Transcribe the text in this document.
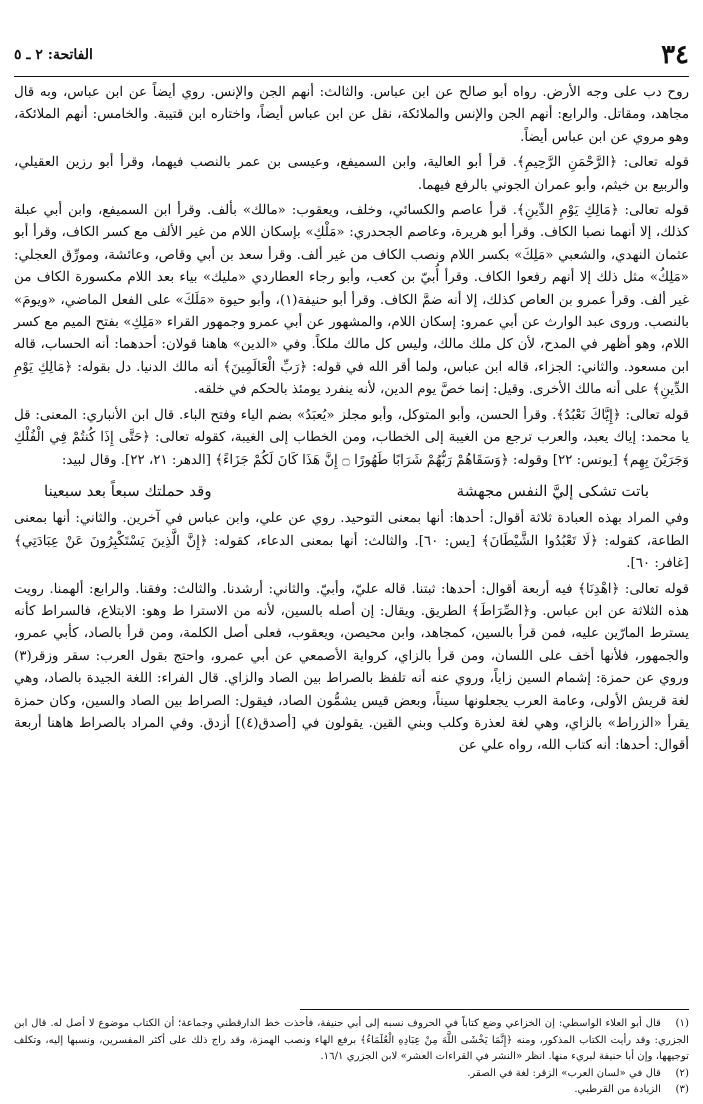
٣٤
الفاتحة: ٢ ـ ٥

روح دب على وجه الأرض. رواه أبو صالح عن ابن عباس. والثالث: أنهم الجن والإنس. روي أيضاً عن ابن عباس، وبه قال مجاهد، ومقاتل. والرابع: أنهم الجن والإنس والملائكة، نقل عن ابن عباس أيضاً، واختاره ابن قتيبة. والخامس: أنهم الملائكة، وهو مروي عن ابن عباس أيضاً.

قوله تعالى: ﴿الرَّحْمَنِ الرَّحِيمِ﴾. قرأ أبو العالية، وابن السميفع، وعيسى بن عمر بالنصب فيهما، وقرأ أبو رزين العقيلي، والربيع بن خيثم، وأبو عمران الجوني بالرفع فيهما.

قوله تعالى: ﴿مَالِكِ يَوْمِ الدِّينِ﴾. قرأ عاصم والكسائي، وخلف، ويعقوب: «مالك» بألف. وقرأ ابن السميفع، وابن أبي عبلة كذلك، إلا أنهما نصبا الكاف. وقرأ أبو هريرة، وعاصم الجحدري: «مَلْكِ» بإسكان اللام من غير الألف مع كسر الكاف، وقرأ أبو عثمان النهدي، والشعبي «مَلِكَ» بكسر اللام ونصب الكاف من غير ألف. وقرأ سعد بن أبي وقاص، وعائشة، ومورِّق العجلي: «مَلِكُ» مثل ذلك إلا أنهم رفعوا الكاف. وقرأ أُبيّ بن كعب، وأبو رجاء العطاردي «مليك» بياء بعد اللام مكسورة الكاف من غير ألف. وقرأ عمرو بن العاص كذلك، إلا أنه ضمَّ الكاف. وقرأ أبو حنيفة(١)، وأبو حيوة «مَلَكَ» على الفعل الماضي، «ويومَ» بالنصب. وروى عبد الوارث عن أبي عمرو: إسكان اللام، والمشهور عن أبي عمرو وجمهور القراء «مَلِكِ» بفتح الميم مع كسر اللام، وهو أظهر في المدح، لأن كل ملك مالك، وليس كل مالك ملكاً. وفي «الدين» هاهنا قولان: أحدهما: أنه الحساب، قاله ابن مسعود. والثاني: الجزاء، قاله ابن عباس، ولما أقر الله في قوله: ﴿رَبِّ الْعَالَمِينَ﴾ أنه مالك الدنيا. دل بقوله: ﴿مَالِكِ يَوْمِ الدِّينِ﴾ على أنه مالك الأخرى. وقيل: إنما خصَّ يوم الدين، لأنه ينفرد يومئذ بالحكم في خلقه.

قوله تعالى: ﴿إِيَّاكَ نَعْبُدُ﴾. وقرأ الحسن، وأبو المتوكل، وأبو مجلز «يُعبَدُ» بضم الياء وفتح الباء. قال ابن الأنباري: المعنى: قل يا محمد: إياك يعبد، والعرب ترجع من الغيبة إلى الخطاب، ومن الخطاب إلى الغيبة، كقوله تعالى: ﴿حَتَّى إِذَا كُنتُمْ فِي الْفُلْكِ وَجَرَيْنَ بِهِم﴾ [يونس: ٢٢] وقوله: ﴿وَسَقَاهُمْ رَبُّهُمْ شَرَابًا طَهُورًا ۝ إِنَّ هَذَا كَانَ لَكُمْ جَزَاءً﴾ [الدهر: ٢١، ٢٢]. وقال لبيد:

باتت تشكى إليَّ النفس مجهشة
وقد حملتك سبعاً بعد سبعينا

وفي المراد بهذه العبادة ثلاثة أقوال: أحدها: أنها بمعنى التوحيد. روي عن علي، وابن عباس في آخرين. والثاني: أنها بمعنى الطاعة، كقوله: ﴿لَا تَعْبُدُوا الشَّيْطَانَ﴾ [يس: ٦٠]. والثالث: أنها بمعنى الدعاء، كقوله: ﴿إِنَّ الَّذِينَ يَسْتَكْبِرُونَ عَنْ عِبَادَتِي﴾ [غافر: ٦٠].

قوله تعالى: ﴿اهْدِنَا﴾ فيه أربعة أقوال: أحدها: ثبتنا. قاله عليّ، وأبيّ. والثاني: أرشدنا. والثالث: وفقنا. والرابع: ألهمنا. رويت هذه الثلاثة عن ابن عباس. و﴿الصِّرَاطَ﴾ الطريق. ويقال: إن أصله بالسين، لأنه من الاسترا ط وهو: الابتلاع، فالسراط كأنه يسترط المارّين عليه، فمن قرأ بالسين، كمجاهد، وابن محيصن، ويعقوب، فعلى أصل الكلمة، ومن قرأ بالصاد، كأبي عمرو، والجمهور، فلأنها أخف على اللسان، ومن قرأ بالزاي، كرواية الأصمعي عن أبي عمرو، واحتج بقول العرب: سقر وزقر(٣) وروي عن حمزة: إشمام السين زاياً، وروي عنه أنه تلفظ بالصراط بين الصاد والزاي. قال الفراء: اللغة الجيدة بالصاد، وهي لغة قريش الأولى، وعامة العرب يجعلونها سيناً، وبعض قيس يشمُّون الصاد، فيقول: الصراط بين الصاد والسين، وكان حمزة يقرأ «الزراط» بالزاي، وهي لغة لعذرة وكلب وبني القين. يقولون في [أصدق(٤)] أزدق. وفي المراد بالصراط هاهنا أربعة أقوال: أحدها: أنه كتاب الله، رواه علي عن

(١)قال أبو العلاء الواسطي: إن الخزاعي وضع كتاباً في الحروف نسبه إلى أبي حنيفة، فأخذت خط الدارقطني وجماعة؛ أن الكتاب موضوع لا أصل له. قال ابن الجزري: وقد رأيت الكتاب المذكور، ومنه ﴿إِنَّمَا يَخْشَى اللَّهَ مِنْ عِبَادِهِ الْعُلَمَاءُ﴾ برفع الهاء ونصب الهمزة، وقد راج ذلك على أكثر المفسرين، ونسبها إليه، وتكلف توجيهها، وإن أبا حنيفة لبريء منها. انظر «النشر في القراءات العشر» لابن الجزري ١٦/١.

(٢)قال في «لسان العرب» الزقر: لغة في الصقر.

(٣)الزيادة من القرطبي.
